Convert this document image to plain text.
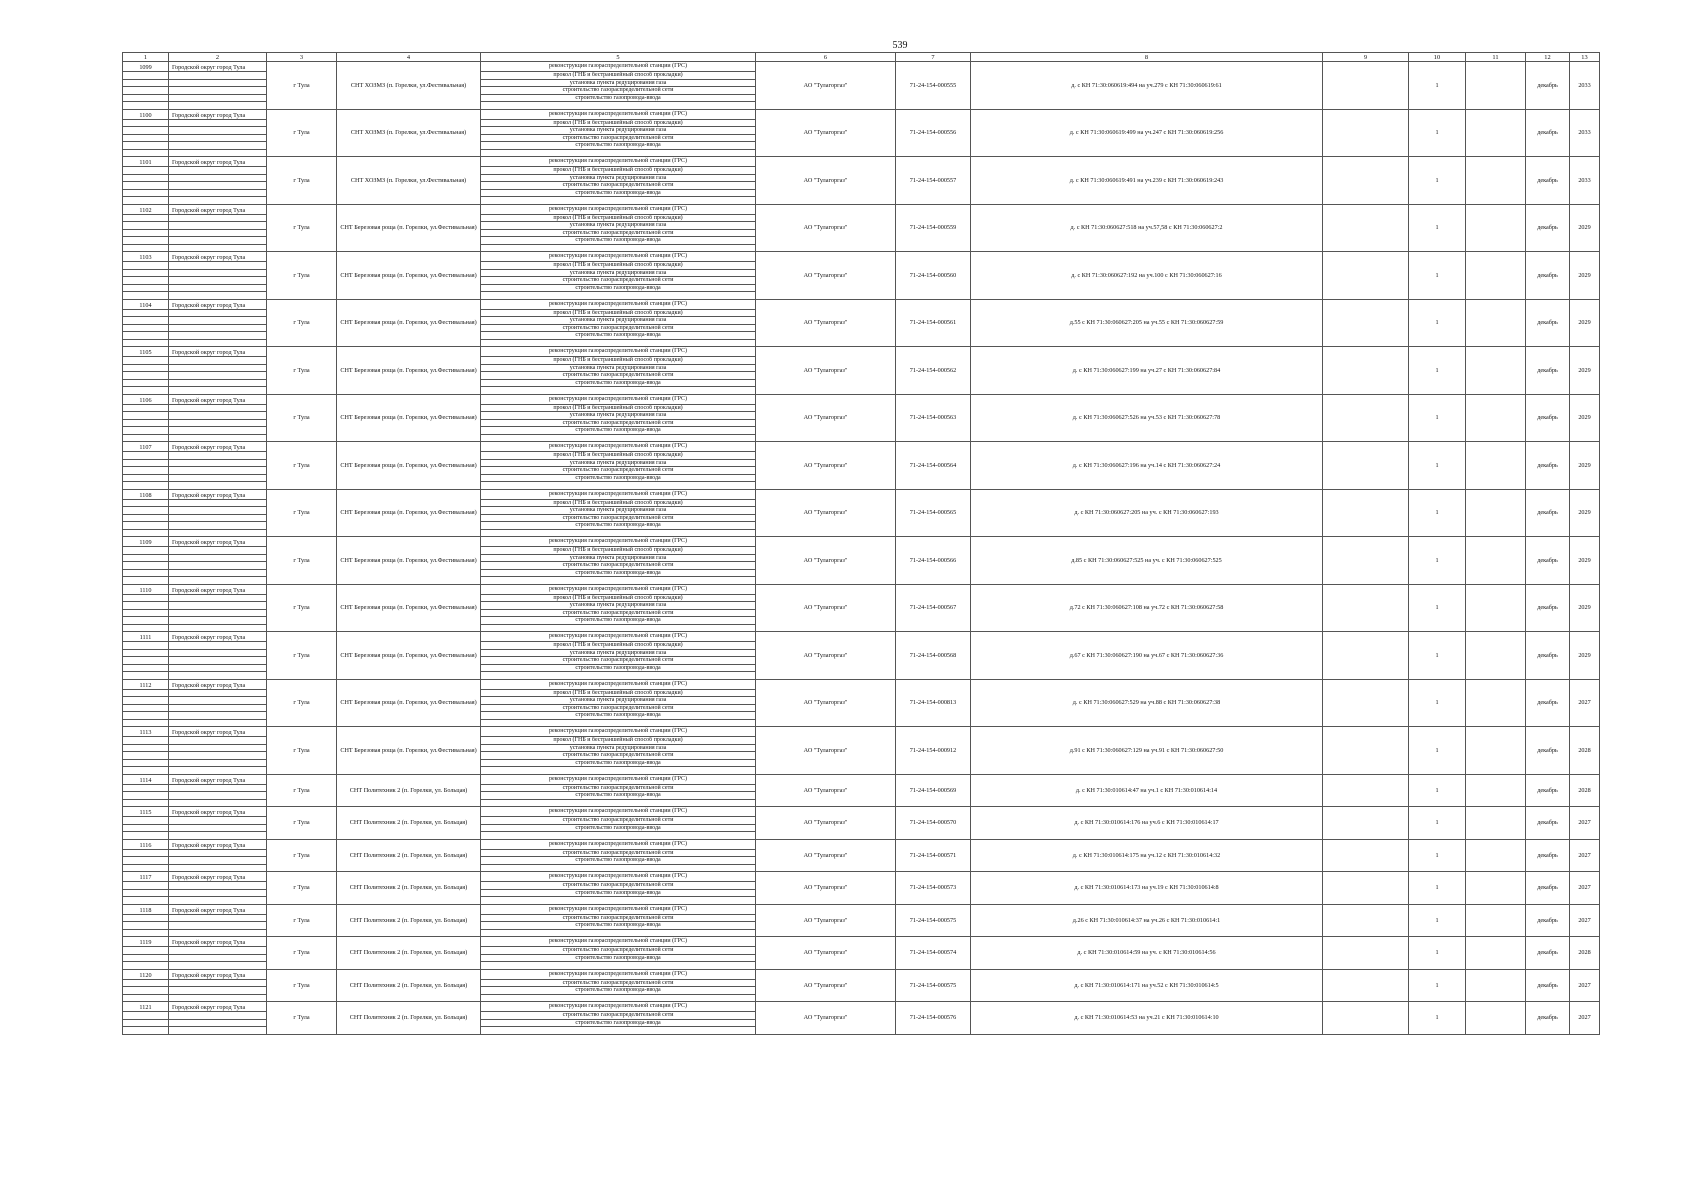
539
1	2	3	4	5	6	7	8	9	10	11	12	13
1099	Городской округ город Тула	г Тула	СНТ ХОЗМЗ (п. Горелки, ул.Фестивальная)	реконструкция газораспределительной станции (ГРС)	АО "Тулагоргаз"	71-24-154-000555	д. с КН 71:30:060619:494 на уч.279 с КН 71:30:060619:61		1		декабрь	2033
				прокол (ГНБ и бестраншейный способ прокладки)								
				установка пункта редуцирования газа								
				строительство газораспределительной сети								
				строительство газопровода-ввода								

1100	Городской округ город Тула	г Тула	СНТ ХОЗМЗ (п. Горелки, ул.Фестивальная)	реконструкция газораспределительной станции (ГРС)	АО "Тулагоргаз"	71-24-154-000556	д. с КН 71:30:060619:499 на уч.247 с КН 71:30:060619:256		1		декабрь	2033
				прокол (ГНБ и бестраншейный способ прокладки)								
				установка пункта редуцирования газа								
				строительство газораспределительной сети								
				строительство газопровода-ввода								

1101	Городской округ город Тула	г Тула	СНТ ХОЗМЗ (п. Горелки, ул.Фестивальная)	реконструкция газораспределительной станции (ГРС)	АО "Тулагоргаз"	71-24-154-000557	д. с КН 71:30:060619:491 на уч.239 с КН 71:30:060619:243		1		декабрь	2033
				прокол (ГНБ и бестраншейный способ прокладки)								
				установка пункта редуцирования газа								
				строительство газораспределительной сети								
				строительство газопровода-ввода								

1102	Городской округ город Тула	г Тула	СНТ Березовая роща (п. Горелки, ул.Фестивальная)	реконструкция газораспределительной станции (ГРС)	АО "Тулагоргаз"	71-24-154-000559	д. с КН 71:30:060627:518 на уч.57,58 с КН 71:30:060627:2		1		декабрь	2029
				прокол (ГНБ и бестраншейный способ прокладки)								
				установка пункта редуцирования газа								
				строительство газораспределительной сети								
				строительство газопровода-ввода								

1103	Городской округ город Тула	г Тула	СНТ Березовая роща (п. Горелки, ул.Фестивальная)	реконструкция газораспределительной станции (ГРС)	АО "Тулагоргаз"	71-24-154-000560	д. с КН 71:30:060627:192 на уч.100 с КН 71:30:060627:16		1		декабрь	2029
				прокол (ГНБ и бестраншейный способ прокладки)								
				установка пункта редуцирования газа								
				строительство газораспределительной сети								
				строительство газопровода-ввода								

1104	Городской округ город Тула	г Тула	СНТ Березовая роща (п. Горелки, ул.Фестивальная)	реконструкция газораспределительной станции (ГРС)	АО "Тулагоргаз"	71-24-154-000561	д.55 с КН 71:30:060627:205 на уч.55 с КН 71:30:060627:59		1		декабрь	2029
				прокол (ГНБ и бестраншейный способ прокладки)								
				установка пункта редуцирования газа								
				строительство газораспределительной сети								
				строительство газопровода-ввода								

1105	Городской округ город Тула	г Тула	СНТ Березовая роща (п. Горелки, ул.Фестивальная)	реконструкция газораспределительной станции (ГРС)	АО "Тулагоргаз"	71-24-154-000562	д. с КН 71:30:060627:199 на уч.27 с КН 71:30:060627:84		1		декабрь	2029
				прокол (ГНБ и бестраншейный способ прокладки)								
				установка пункта редуцирования газа								
				строительство газораспределительной сети								
				строительство газопровода-ввода								

1106	Городской округ город Тула	г Тула	СНТ Березовая роща (п. Горелки, ул.Фестивальная)	реконструкция газораспределительной станции (ГРС)	АО "Тулагоргаз"	71-24-154-000563	д. с КН 71:30:060627:526 на уч.53 с КН 71:30:060627:78		1		декабрь	2029
				прокол (ГНБ и бестраншейный способ прокладки)								
				установка пункта редуцирования газа								
				строительство газораспределительной сети								
				строительство газопровода-ввода								

1107	Городской округ город Тула	г Тула	СНТ Березовая роща (п. Горелки, ул.Фестивальная)	реконструкция газораспределительной станции (ГРС)	АО "Тулагоргаз"	71-24-154-000564	д. с КН 71:30:060627:196 на уч.14 с КН 71:30:060627:24		1		декабрь	2029
				прокол (ГНБ и бестраншейный способ прокладки)								
				установка пункта редуцирования газа								
				строительство газораспределительной сети								
				строительство газопровода-ввода								

1108	Городской округ город Тула	г Тула	СНТ Березовая роща (п. Горелки, ул.Фестивальная)	реконструкция газораспределительной станции (ГРС)	АО "Тулагоргаз"	71-24-154-000565	д. с КН 71:30:060627:205 на уч. с КН 71:30:060627:193		1		декабрь	2029
				прокол (ГНБ и бестраншейный способ прокладки)								
				установка пункта редуцирования газа								
				строительство газораспределительной сети								
				строительство газопровода-ввода								

1109	Городской округ город Тула	г Тула	СНТ Березовая роща (п. Горелки, ул.Фестивальная)	реконструкция газораспределительной станции (ГРС)	АО "Тулагоргаз"	71-24-154-000566	д.85 с КН 71:30:060627:525 на уч. с КН 71:30:060627:525		1		декабрь	2029
				прокол (ГНБ и бестраншейный способ прокладки)								
				установка пункта редуцирования газа								
				строительство газораспределительной сети								
				строительство газопровода-ввода								

1110	Городской округ город Тула	г Тула	СНТ Березовая роща (п. Горелки, ул.Фестивальная)	реконструкция газораспределительной станции (ГРС)	АО "Тулагоргаз"	71-24-154-000567	д.72 с КН 71:30:060627:108 на уч.72 с КН 71:30:060627:58		1		декабрь	2029
				прокол (ГНБ и бестраншейный способ прокладки)								
				установка пункта редуцирования газа								
				строительство газораспределительной сети								
				строительство газопровода-ввода								

1111	Городской округ город Тула	г Тула	СНТ Березовая роща (п. Горелки, ул.Фестивальная)	реконструкция газораспределительной станции (ГРС)	АО "Тулагоргаз"	71-24-154-000568	д.67 с КН 71:30:060627:190 на уч.67 с КН 71:30:060627:36		1		декабрь	2029
				прокол (ГНБ и бестраншейный способ прокладки)								
				установка пункта редуцирования газа								
				строительство газораспределительной сети								
				строительство газопровода-ввода								

1112	Городской округ город Тула	г Тула	СНТ Березовая роща (п. Горелки, ул.Фестивальная)	реконструкция газораспределительной станции (ГРС)	АО "Тулагоргаз"	71-24-154-000813	д. с КН 71:30:060627:529 на уч.88 с КН 71:30:060627:38		1		декабрь	2027
				прокол (ГНБ и бестраншейный способ прокладки)								
				установка пункта редуцирования газа								
				строительство газораспределительной сети								
				строительство газопровода-ввода								

1113	Городской округ город Тула	г Тула	СНТ Березовая роща (п. Горелки, ул.Фестивальная)	реконструкция газораспределительной станции (ГРС)	АО "Тулагоргаз"	71-24-154-000912	д.91 с КН 71:30:060627:129 на уч.91 с КН 71:30:060627:50		1		декабрь	2028
				прокол (ГНБ и бестраншейный способ прокладки)								
				установка пункта редуцирования газа								
				строительство газораспределительной сети								
				строительство газопровода-ввода								

1114	Городской округ город Тула	г Тула	СНТ Политехник 2 (п. Горелки, ул. Больцая)	реконструкция газораспределительной станции (ГРС)	АО "Тулагоргаз"	71-24-154-000569	д. с КН 71:30:010614:47 на уч.1 с КН 71:30:010614:14		1		декабрь	2028
				строительство газораспределительной сети								
				строительство газопровода-ввода								

1115	Городской округ город Тула	г Тула	СНТ Политехник 2 (п. Горелки, ул. Больцая)	реконструкция газораспределительной станции (ГРС)	АО "Тулагоргаз"	71-24-154-000570	д. с КН 71:30:010614:176 на уч.6 с КН 71:30:010614:17		1		декабрь	2027
				строительство газораспределительной сети								
				строительство газопровода-ввода								

1116	Городской округ город Тула	г Тула	СНТ Политехник 2 (п. Горелки, ул. Больцая)	реконструкция газораспределительной станции (ГРС)	АО "Тулагоргаз"	71-24-154-000571	д. с КН 71:30:010614:175 на уч.12 с КН 71:30:010614:32		1		декабрь	2027
				строительство газораспределительной сети								
				строительство газопровода-ввода								

1117	Городской округ город Тула	г Тула	СНТ Политехник 2 (п. Горелки, ул. Больцая)	реконструкция газораспределительной станции (ГРС)	АО "Тулагоргаз"	71-24-154-000573	д. с КН 71:30:010614:173 на уч.19 с КН 71:30:010614:8		1		декабрь	2027
				строительство газораспределительной сети								
				строительство газопровода-ввода								

1118	Городской округ город Тула	г Тула	СНТ Политехник 2 (п. Горелки, ул. Больцая)	реконструкция газораспределительной станции (ГРС)	АО "Тулагоргаз"	71-24-154-000575	д.26 с КН 71:30:010614:37 на уч.26 с КН 71:30:010614:1		1		декабрь	2027
				строительство газораспределительной сети								
				строительство газопровода-ввода								

1119	Городской округ город Тула	г Тула	СНТ Политехник 2 (п. Горелки, ул. Больцая)	реконструкция газораспределительной станции (ГРС)	АО "Тулагоргаз"	71-24-154-000574	д. с КН 71:30:010614:59 на уч. с КН 71:30:010614:56		1		декабрь	2028
				строительство газораспределительной сети								
				строительство газопровода-ввода								

1120	Городской округ город Тула	г Тула	СНТ Политехник 2 (п. Горелки, ул. Больцая)	реконструкция газораспределительной станции (ГРС)	АО "Тулагоргаз"	71-24-154-000575	д. с КН 71:30:010614:171 на уч.52 с КН 71:30:010614:5		1		декабрь	2027
				строительство газораспределительной сети								
				строительство газопровода-ввода								

1121	Городской округ город Тула	г Тула	СНТ Политехник 2 (п. Горелки, ул. Больцая)	реконструкция газораспределительной станции (ГРС)	АО "Тулагоргаз"	71-24-154-000576	д. с КН 71:30:010614:53 на уч.21 с КН 71:30:010614:10		1		декабрь	2027
				строительство газораспределительной сети								
				строительство газопровода-ввода								
